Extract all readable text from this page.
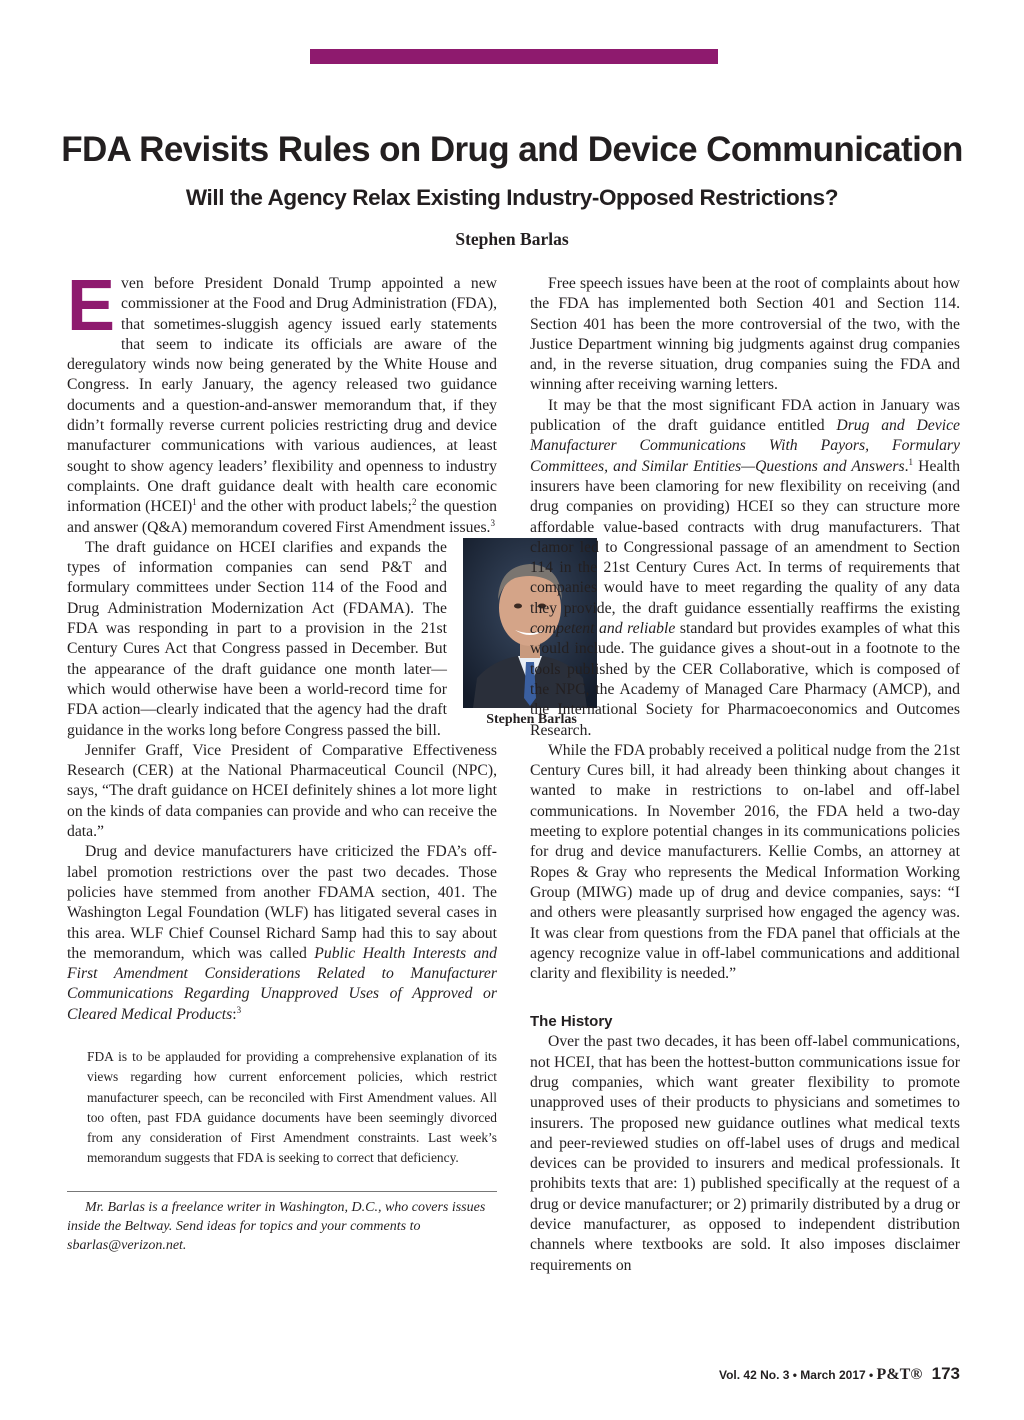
FDA Revisits Rules on Drug and Device Communication
Will the Agency Relax Existing Industry-Opposed Restrictions?
Stephen Barlas

Even before President Donald Trump appointed a new commissioner at the Food and Drug Administration (FDA), that sometimes-sluggish agency issued early statements that seem to indicate its officials are aware of the deregulatory winds now being generated by the White House and Congress. In early January, the agency released two guidance documents and a question-and-answer memorandum that, if they didn’t formally reverse current policies restricting drug and device manufacturer communications with various audiences, at least sought to show agency leaders’ flexibility and openness to industry complaints. One draft guidance dealt with health care economic information (HCEI)$^1$ and the other with product labels;$^2$ the question and answer (Q&A) memorandum covered First Amendment issues.$^3$

Stephen Barlas

The draft guidance on HCEI clarifies and expands the types of information companies can send P&T and formulary committees under Section 114 of the Food and Drug Administration Modernization Act (FDAMA). The FDA was responding in part to a provision in the 21st Century Cures Act that Congress passed in December. But the appearance of the draft guidance one month later—which would otherwise have been a world-record time for FDA action—clearly indicated that the agency had the draft guidance in the works long before Congress passed the bill.

Jennifer Graff, Vice President of Comparative Effectiveness Research (CER) at the National Pharmaceutical Council (NPC), says, “The draft guidance on HCEI definitely shines a lot more light on the kinds of data companies can provide and who can receive the data.”

Drug and device manufacturers have criticized the FDA’s off-label promotion restrictions over the past two decades. Those policies have stemmed from another FDAMA section, 401. The Washington Legal Foundation (WLF) has litigated several cases in this area. WLF Chief Counsel Richard Samp had this to say about the memorandum, which was called Public Health Interests and First Amendment Considerations Related to Manufacturer Communications Regarding Unapproved Uses of Approved or Cleared Medical Products:$^3$

FDA is to be applauded for providing a comprehensive explanation of its views regarding how current enforcement policies, which restrict manufacturer speech, can be reconciled with First Amendment values. All too often, past FDA guidance documents have been seemingly divorced from any consideration of First Amendment constraints. Last week’s memorandum suggests that FDA is seeking to correct that deficiency.

Mr. Barlas is a freelance writer in Washington, D.C., who covers issues inside the Beltway. Send ideas for topics and your comments to sbarlas@verizon.net.

Free speech issues have been at the root of complaints about how the FDA has implemented both Section 401 and Section 114. Section 401 has been the more controversial of the two, with the Justice Department winning big judgments against drug companies and, in the reverse situation, drug companies suing the FDA and winning after receiving warning letters.

It may be that the most significant FDA action in January was publication of the draft guidance entitled Drug and Device Manufacturer Communications With Payors, Formulary Committees, and Similar Entities—Questions and Answers.$^1$ Health insurers have been clamoring for new flexibility on receiving (and drug companies on providing) HCEI so they can structure more affordable value-based contracts with drug manufacturers. That clamor led to Congressional passage of an amendment to Section 114 in the 21st Century Cures Act. In terms of requirements that companies would have to meet regarding the quality of any data they provide, the draft guidance essentially reaffirms the existing competent and reliable standard but provides examples of what this would include. The guidance gives a shout-out in a footnote to the tools published by the CER Collaborative, which is composed of the NPC, the Academy of Managed Care Pharmacy (AMCP), and the International Society for Pharmacoeconomics and Outcomes Research.

While the FDA probably received a political nudge from the 21st Century Cures bill, it had already been thinking about changes it wanted to make in restrictions to on-label and off-label communications. In November 2016, the FDA held a two-day meeting to explore potential changes in its communications policies for drug and device manufacturers. Kellie Combs, an attorney at Ropes & Gray who represents the Medical Information Working Group (MIWG) made up of drug and device companies, says: “I and others were pleasantly surprised how engaged the agency was. It was clear from questions from the FDA panel that officials at the agency recognize value in off-label communications and additional clarity and flexibility is needed.”

The History

Over the past two decades, it has been off-label communications, not HCEI, that has been the hottest-button communications issue for drug companies, which want greater flexibility to promote unapproved uses of their products to physicians and sometimes to insurers. The proposed new guidance outlines what medical texts and peer-reviewed studies on off-label uses of drugs and medical devices can be provided to insurers and medical professionals. It prohibits texts that are: 1) published specifically at the request of a drug or device manufacturer; or 2) primarily distributed by a drug or device manufacturer, as opposed to independent distribution channels where textbooks are sold. It also imposes disclaimer requirements on

Vol. 42 No. 3 • March 2017 • P&T® 173
